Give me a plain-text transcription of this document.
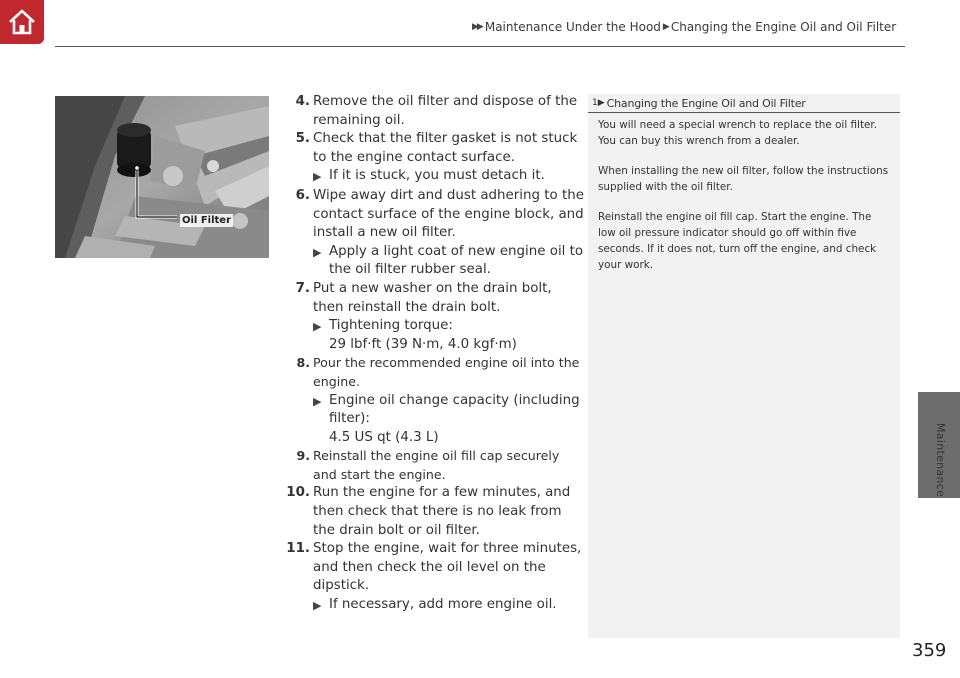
▶▶ Maintenance Under the Hood ▶ Changing the Engine Oil and Oil Filter
Oil Filter
4. Remove the oil filter and dispose of the remaining oil.
5. Check that the filter gasket is not stuck to the engine contact surface.
▶ If it is stuck, you must detach it.
6. Wipe away dirt and dust adhering to the contact surface of the engine block, and install a new oil filter.
▶ Apply a light coat of new engine oil to the oil filter rubber seal.
7. Put a new washer on the drain bolt, then reinstall the drain bolt.
▶ Tightening torque:
29 lbf·ft (39 N·m, 4.0 kgf·m)
8. Pour the recommended engine oil into the engine.
▶ Engine oil change capacity (including filter):
4.5 US qt (4.3 L)
9. Reinstall the engine oil fill cap securely and start the engine.
10. Run the engine for a few minutes, and then check that there is no leak from the drain bolt or oil filter.
11. Stop the engine, wait for three minutes, and then check the oil level on the dipstick.
▶ If necessary, add more engine oil.
1▶ Changing the Engine Oil and Oil Filter

You will need a special wrench to replace the oil filter. You can buy this wrench from a dealer.

When installing the new oil filter, follow the instructions supplied with the oil filter.

Reinstall the engine oil fill cap. Start the engine. The low oil pressure indicator should go off within five seconds. If it does not, turn off the engine, and check your work.

Maintenance
359
